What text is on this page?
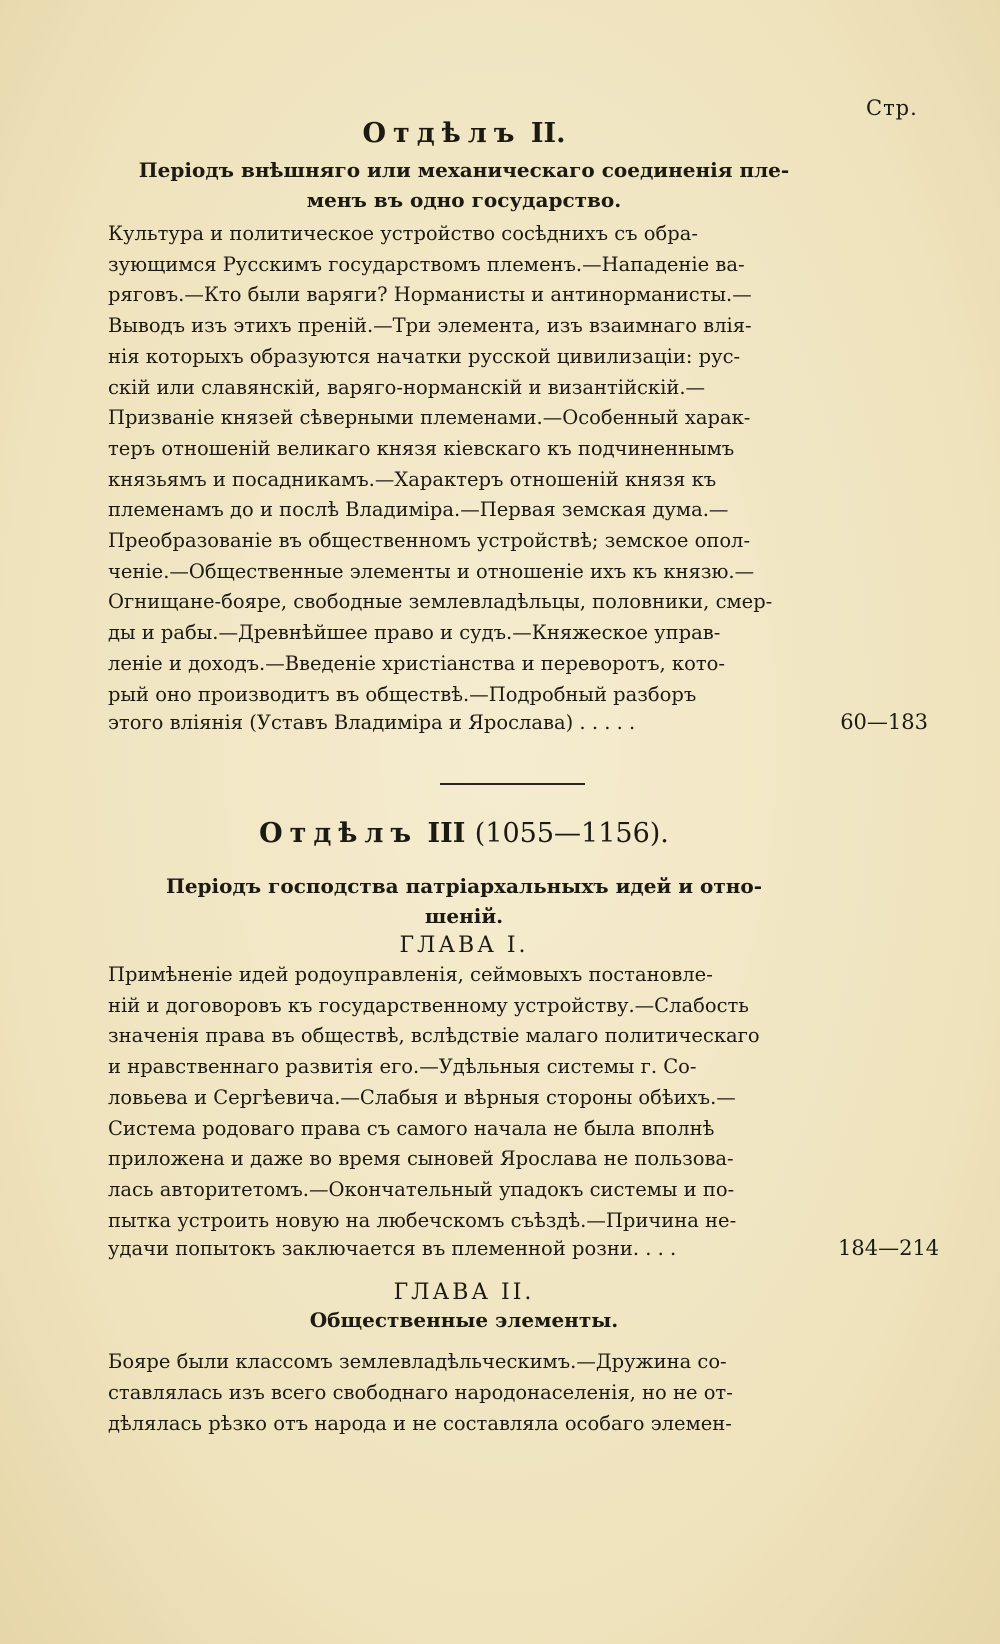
Стр.
Отдѣлъ II.
Періодъ внѣшняго или механическаго соединенія пле-
менъ въ одно государство.

Культура и политическое устройство сосѣднихъ съ обра-
зующимся Русскимъ государствомъ племенъ.—Нападеніе ва-
ряговъ.—Кто были варяги? Норманисты и антинорманисты.—
Выводъ изъ этихъ преній.—Три элемента, изъ взаимнаго влія-
нія которыхъ образуются начатки русской цивилизаціи: рус-
скій или славянскій, варяго-норманскій и византійскій.—
Призваніе князей сѣверными племенами.—Особенный харак-
теръ отношеній великаго князя кіевскаго къ подчиненнымъ
князьямъ и посадникамъ.—Характеръ отношеній князя къ
племенамъ до и послѣ Владиміра.—Первая земская дума.—
Преобразованіе въ общественномъ устройствѣ; земское опол-
ченіе.—Общественные элементы и отношеніе ихъ къ князю.—
Огнищане-бояре, свободные землевладѣльцы, половники, смер-
ды и рабы.—Древнѣйшее право и судъ.—Княжеское управ-
леніе и доходъ.—Введеніе христіанства и переворотъ, кото-
рый оно производитъ въ обществѣ.—Подробный разборъ

этого вліянія (Уставъ Владиміра и Ярослава) . . . . .	60—183
Отдѣлъ III (1055—1156).
Періодъ господства патріархальныхъ идей и отно-
шеній.
ГЛАВА I.

Примѣненіе идей родоуправленія, сеймовыхъ постановле-
ній и договоровъ къ государственному устройству.—Слабость
значенія права въ обществѣ, вслѣдствіе малаго политическаго
и нравственнаго развитія его.—Удѣльныя системы г. Со-
ловьева и Сергѣевича.—Слабыя и вѣрныя стороны обѣихъ.—
Система родоваго права съ самого начала не была вполнѣ
приложена и даже во время сыновей Ярослава не пользова-
лась авторитетомъ.—Окончательный упадокъ системы и по-
пытка устроить новую на любечскомъ съѣздѣ.—Причина не-

удачи попытокъ заключается въ племенной розни. . . .	184—214
ГЛАВА II.
Общественные элементы.

Бояре были классомъ землевладѣльческимъ.—Дружина со-
ставлялась изъ всего свободнаго народонаселенія, но не от-
дѣлялась рѣзко отъ народа и не составляла особаго элемен-
